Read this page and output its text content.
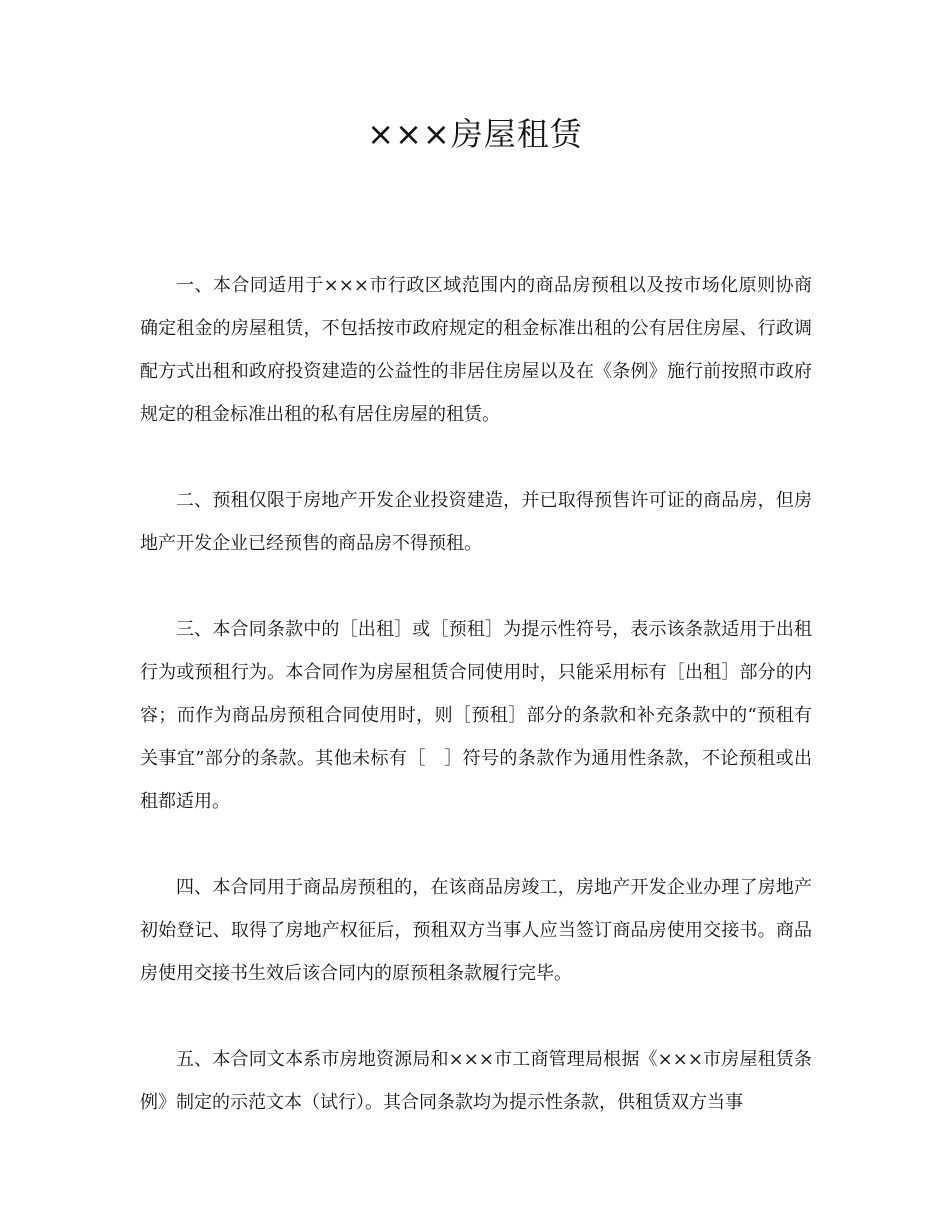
×××房屋租赁

一、本合同适用于×××市行政区域范围内的商品房预租以及按市场化原则协商确定租金的房屋租赁，不包括按市政府规定的租金标准出租的公有居住房屋、行政调配方式出租和政府投资建造的公益性的非居住房屋以及在《条例》施行前按照市政府规定的租金标准出租的私有居住房屋的租赁。

二、预租仅限于房地产开发企业投资建造，并已取得预售许可证的商品房，但房地产开发企业已经预售的商品房不得预租。

三、本合同条款中的［出租］或［预租］为提示性符号，表示该条款适用于出租行为或预租行为。本合同作为房屋租赁合同使用时，只能采用标有［出租］部分的内容；而作为商品房预租合同使用时，则［预租］部分的条款和补充条款中的“预租有关事宜”部分的条款。其他未标有［　］符号的条款作为通用性条款，不论预租或出租都适用。

四、本合同用于商品房预租的，在该商品房竣工，房地产开发企业办理了房地产初始登记、取得了房地产权征后，预租双方当事人应当签订商品房使用交接书。商品房使用交接书生效后该合同内的原预租条款履行完毕。

五、本合同文本系市房地资源局和×××市工商管理局根据《×××市房屋租赁条例》制定的示范文本（试行）。其合同条款均为提示性条款，供租赁双方当事
